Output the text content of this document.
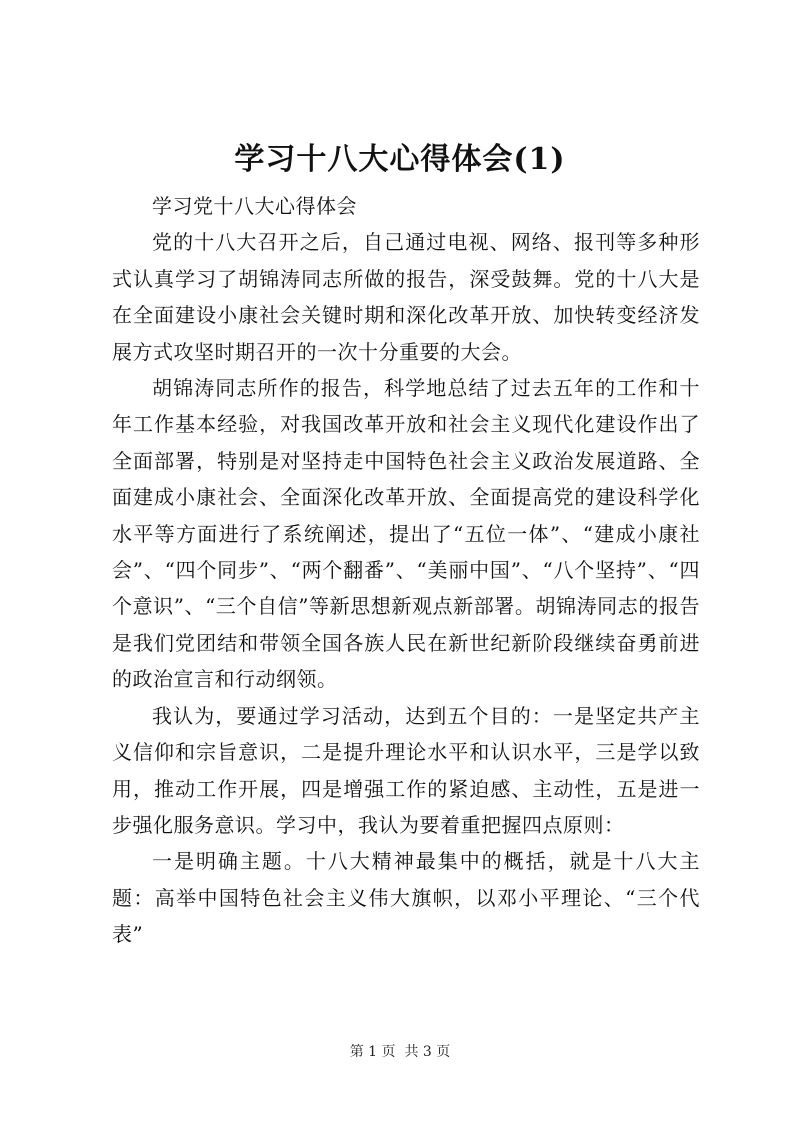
学习十八大心得体会(1)

学习党十八大心得体会

党的十八大召开之后，自己通过电视、网络、报刊等多种形式认真学习了胡锦涛同志所做的报告，深受鼓舞。党的十八大是在全面建设小康社会关键时期和深化改革开放、加快转变经济发展方式攻坚时期召开的一次十分重要的大会。

胡锦涛同志所作的报告，科学地总结了过去五年的工作和十年工作基本经验，对我国改革开放和社会主义现代化建设作出了全面部署，特别是对坚持走中国特色社会主义政治发展道路、全面建成小康社会、全面深化改革开放、全面提高党的建设科学化水平等方面进行了系统阐述，提出了“五位一体”、“建成小康社会”、“四个同步”、“两个翻番”、“美丽中国”、“八个坚持”、“四个意识”、“三个自信”等新思想新观点新部署。胡锦涛同志的报告是我们党团结和带领全国各族人民在新世纪新阶段继续奋勇前进的政治宣言和行动纲领。

我认为，要通过学习活动，达到五个目的：一是坚定共产主义信仰和宗旨意识，二是提升理论水平和认识水平，三是学以致用，推动工作开展，四是增强工作的紧迫感、主动性，五是进一步强化服务意识。学习中，我认为要着重把握四点原则：

一是明确主题。十八大精神最集中的概括，就是十八大主题：高举中国特色社会主义伟大旗帜，以邓小平理论、“三个代表”

第 1 页  共 3 页
